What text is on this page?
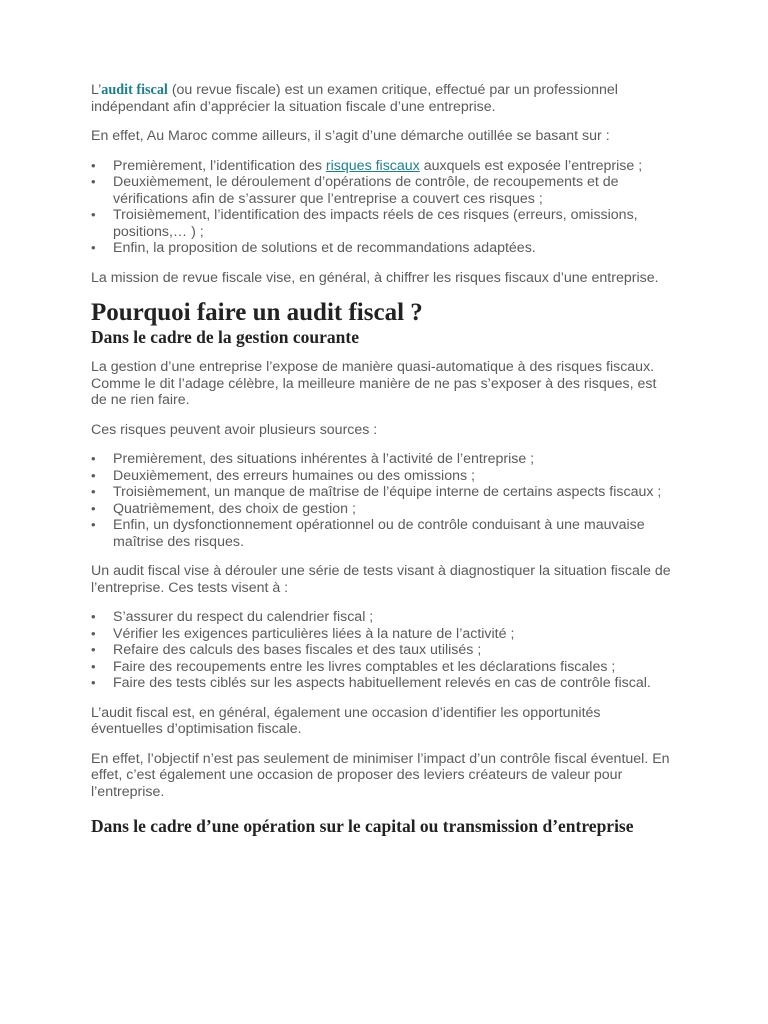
L’audit fiscal (ou revue fiscale) est un examen critique, effectué par un professionnel indépendant afin d’apprécier la situation fiscale d’une entreprise.

En effet, Au Maroc comme ailleurs, il s’agit d’une démarche outillée se basant sur :

• Premièrement, l’identification des risques fiscaux auxquels est exposée l’entreprise ;
• Deuxièmement, le déroulement d’opérations de contrôle, de recoupements et de vérifications afin de s’assurer que l’entreprise a couvert ces risques ;
• Troisièmement, l’identification des impacts réels de ces risques (erreurs, omissions, positions,… ) ;
• Enfin, la proposition de solutions et de recommandations adaptées.

La mission de revue fiscale vise, en général, à chiffrer les risques fiscaux d’une entreprise.

Pourquoi faire un audit fiscal ?
Dans le cadre de la gestion courante

La gestion d’une entreprise l’expose de manière quasi-automatique à des risques fiscaux. Comme le dit l’adage célèbre, la meilleure manière de ne pas s’exposer à des risques, est de ne rien faire.

Ces risques peuvent avoir plusieurs sources :

• Premièrement, des situations inhérentes à l’activité de l’entreprise ;
• Deuxièmement, des erreurs humaines ou des omissions ;
• Troisièmement, un manque de maîtrise de l’équipe interne de certains aspects fiscaux ;
• Quatrièmement, des choix de gestion ;
• Enfin, un dysfonctionnement opérationnel ou de contrôle conduisant à une mauvaise maîtrise des risques.

Un audit fiscal vise à dérouler une série de tests visant à diagnostiquer la situation fiscale de l’entreprise. Ces tests visent à :

• S’assurer du respect du calendrier fiscal ;
• Vérifier les exigences particulières liées à la nature de l’activité ;
• Refaire des calculs des bases fiscales et des taux utilisés ;
• Faire des recoupements entre les livres comptables et les déclarations fiscales ;
• Faire des tests ciblés sur les aspects habituellement relevés en cas de contrôle fiscal.

L’audit fiscal est, en général, également une occasion d’identifier les opportunités éventuelles d’optimisation fiscale.

En effet, l’objectif n’est pas seulement de minimiser l’impact d’un contrôle fiscal éventuel. En effet, c’est également une occasion de proposer des leviers créateurs de valeur pour l’entreprise.

Dans le cadre d’une opération sur le capital ou transmission d’entreprise
